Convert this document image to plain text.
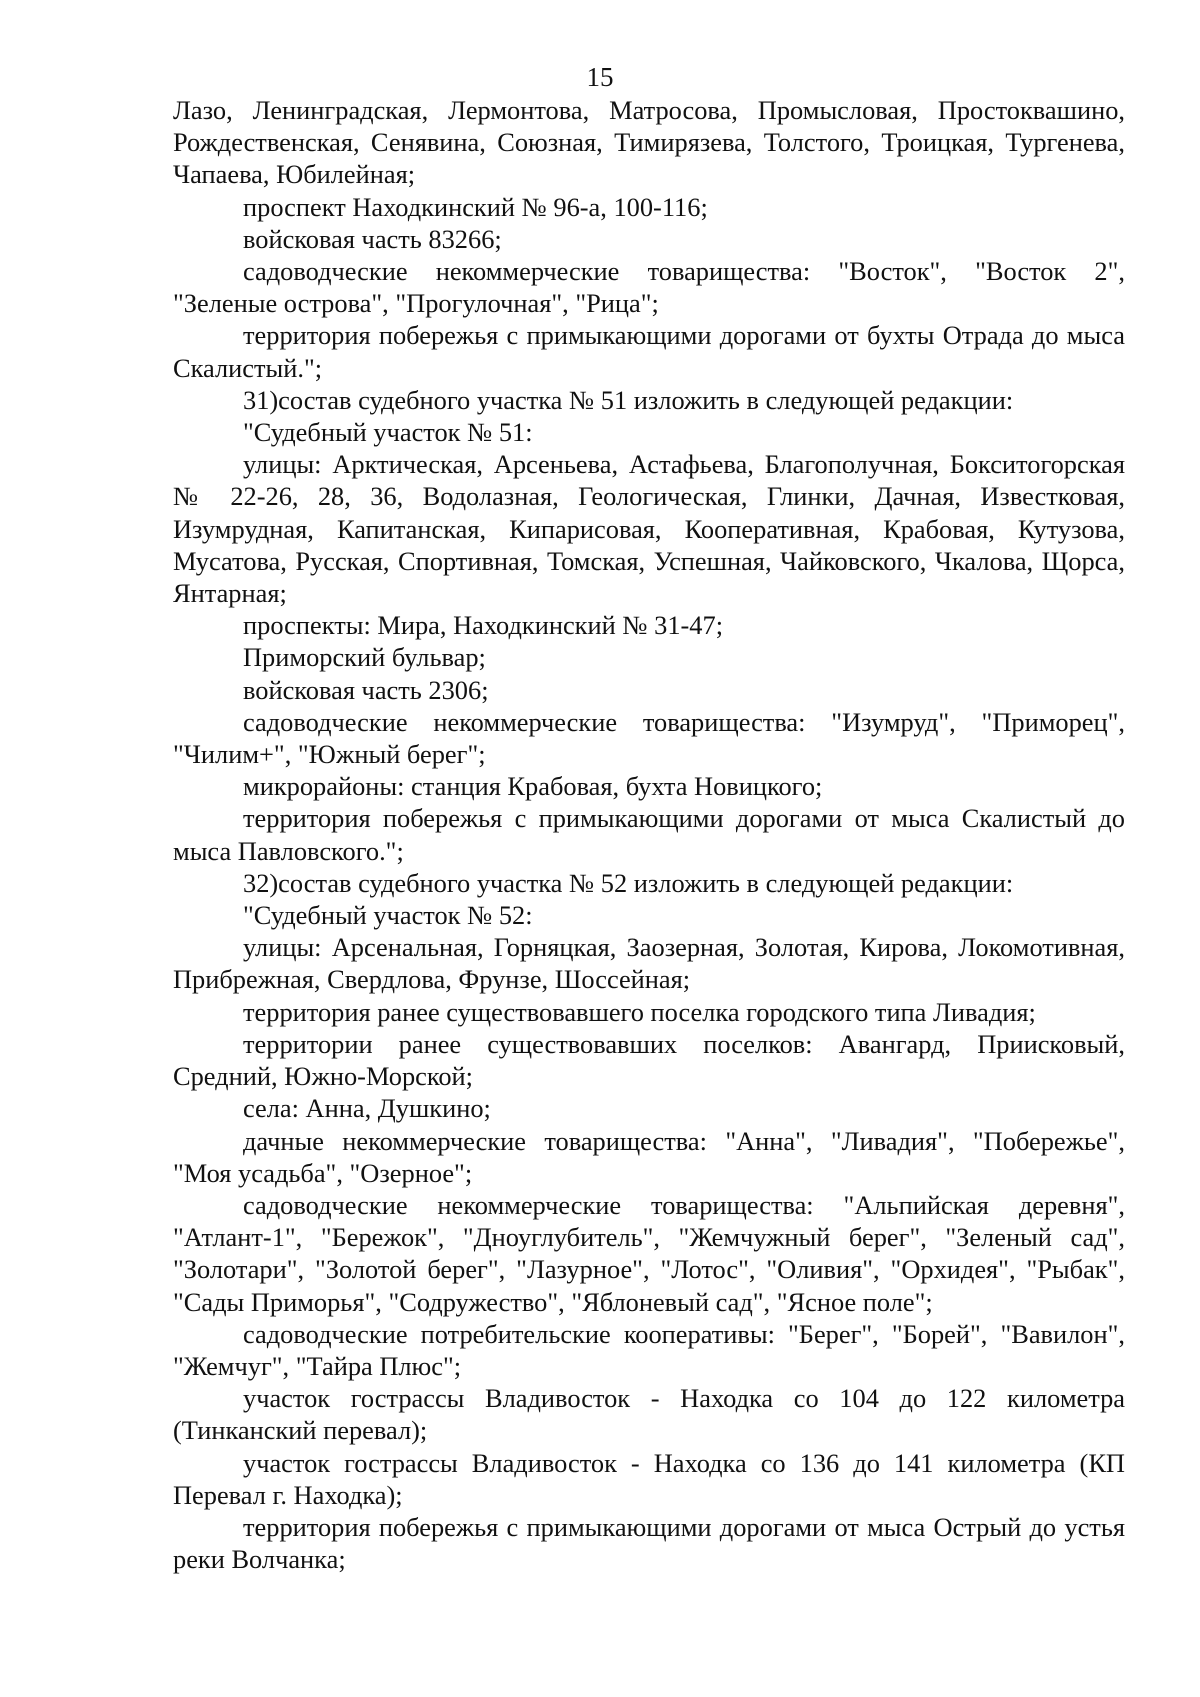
15

Лазо, Ленинградская, Лермонтова, Матросова, Промысловая, Простоквашино, Рождественская, Сенявина, Союзная, Тимирязева, Толстого, Троицкая, Тургенева, Чапаева, Юбилейная;

проспект Находкинский № 96-а, 100-116;

войсковая часть 83266;

садоводческие некоммерческие товарищества: "Восток", "Восток 2", "Зеленые острова", "Прогулочная", "Рица";

территория побережья с примыкающими дорогами от бухты Отрада до мыса Скалистый.";

31)состав судебного участка № 51 изложить в следующей редакции:

"Судебный участок № 51:

улицы: Арктическая, Арсеньева, Астафьева, Благополучная, Бокситогорская № 22-26, 28, 36, Водолазная, Геологическая, Глинки, Дачная, Известковая, Изумрудная, Капитанская, Кипарисовая, Кооперативная, Крабовая, Кутузова, Мусатова, Русская, Спортивная, Томская, Успешная, Чайковского, Чкалова, Щорса, Янтарная;

проспекты: Мира, Находкинский № 31-47;

Приморский бульвар;

войсковая часть 2306;

садоводческие некоммерческие товарищества: "Изумруд", "Приморец", "Чилим+", "Южный берег";

микрорайоны: станция Крабовая, бухта Новицкого;

территория побережья с примыкающими дорогами от мыса Скалистый до мыса Павловского.";

32)состав судебного участка № 52 изложить в следующей редакции:

"Судебный участок № 52:

улицы: Арсенальная, Горняцкая, Заозерная, Золотая, Кирова, Локомотивная, Прибрежная, Свердлова, Фрунзе, Шоссейная;

территория ранее существовавшего поселка городского типа Ливадия;

территории ранее существовавших поселков: Авангард, Приисковый, Средний, Южно-Морской;

села: Анна, Душкино;

дачные некоммерческие товарищества: "Анна", "Ливадия", "Побережье", "Моя усадьба", "Озерное";

садоводческие некоммерческие товарищества: "Альпийская деревня", "Атлант-1", "Бережок", "Дноуглубитель", "Жемчужный берег", "Зеленый сад", "Золотари", "Золотой берег", "Лазурное", "Лотос", "Оливия", "Орхидея", "Рыбак", "Сады Приморья", "Содружество", "Яблоневый сад", "Ясное поле";

садоводческие потребительские кооперативы: "Берег", "Борей", "Вавилон", "Жемчуг", "Тайра Плюс";

участок гострассы Владивосток - Находка со 104 до 122 километра (Тинканский перевал);

участок гострассы Владивосток - Находка со 136 до 141 километра (КП Перевал г. Находка);

территория побережья с примыкающими дорогами от мыса Острый до устья реки Волчанка;
